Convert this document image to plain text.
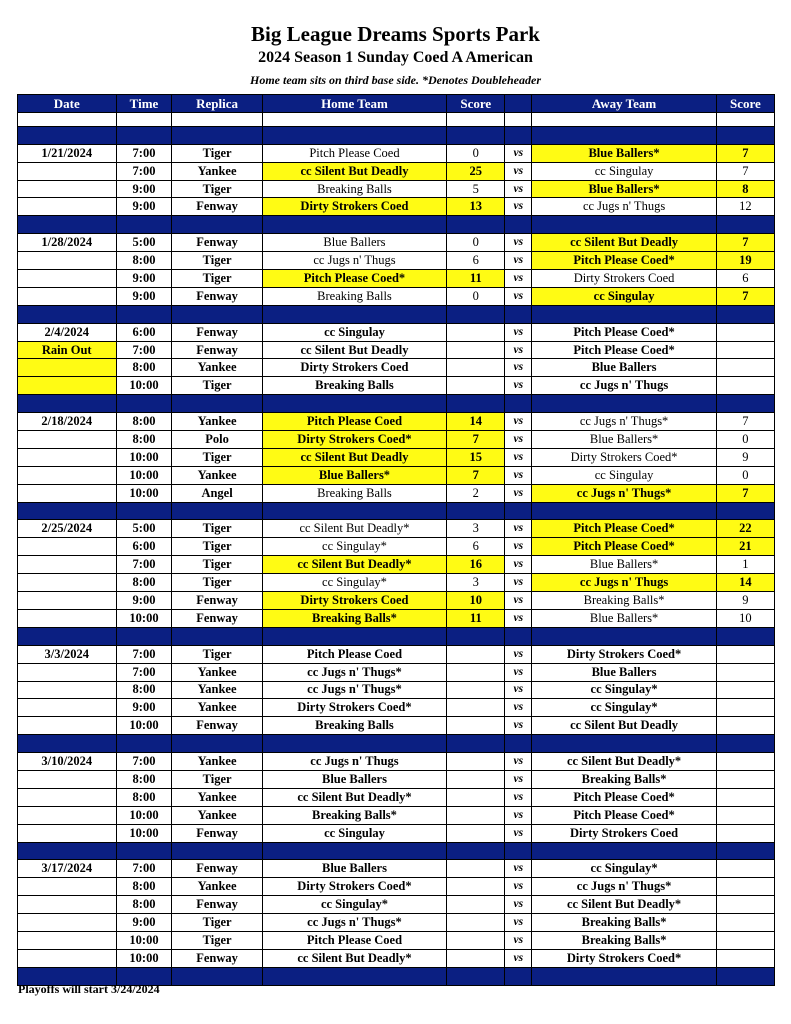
Big League Dreams Sports Park
2024 Season 1 Sunday Coed A American
Home team sits on third base side. *Denotes Doubleheader
Date	Time	Replica	Home Team	Score		Away Team	Score

1/21/2024	7:00	Tiger	Pitch Please Coed	0	vs	Blue Ballers*	7
	7:00	Yankee	cc Silent But Deadly	25	vs	cc Singulay	7
	9:00	Tiger	Breaking Balls	5	vs	Blue Ballers*	8
	9:00	Fenway	Dirty Strokers Coed	13	vs	cc Jugs n' Thugs	12

1/28/2024	5:00	Fenway	Blue Ballers	0	vs	cc Silent But Deadly	7
	8:00	Tiger	cc Jugs n' Thugs	6	vs	Pitch Please Coed*	19
	9:00	Tiger	Pitch Please Coed*	11	vs	Dirty Strokers Coed	6
	9:00	Fenway	Breaking Balls	0	vs	cc Singulay	7

2/4/2024	6:00	Fenway	cc Singulay		vs	Pitch Please Coed*	
Rain Out	7:00	Fenway	cc Silent But Deadly		vs	Pitch Please Coed*	
	8:00	Yankee	Dirty Strokers Coed		vs	Blue Ballers	
	10:00	Tiger	Breaking Balls		vs	cc Jugs n' Thugs	

2/18/2024	8:00	Yankee	Pitch Please Coed	14	vs	cc Jugs n' Thugs*	7
	8:00	Polo	Dirty Strokers Coed*	7	vs	Blue Ballers*	0
	10:00	Tiger	cc Silent But Deadly	15	vs	Dirty Strokers Coed*	9
	10:00	Yankee	Blue Ballers*	7	vs	cc Singulay	0
	10:00	Angel	Breaking Balls	2	vs	cc Jugs n' Thugs*	7

2/25/2024	5:00	Tiger	cc Silent But Deadly*	3	vs	Pitch Please Coed*	22
	6:00	Tiger	cc Singulay*	6	vs	Pitch Please Coed*	21
	7:00	Tiger	cc Silent But Deadly*	16	vs	Blue Ballers*	1
	8:00	Tiger	cc Singulay*	3	vs	cc Jugs n' Thugs	14
	9:00	Fenway	Dirty Strokers Coed	10	vs	Breaking Balls*	9
	10:00	Fenway	Breaking Balls*	11	vs	Blue Ballers*	10

3/3/2024	7:00	Tiger	Pitch Please Coed		vs	Dirty Strokers Coed*	
	7:00	Yankee	cc Jugs n' Thugs*		vs	Blue Ballers	
	8:00	Yankee	cc Jugs n' Thugs*		vs	cc Singulay*	
	9:00	Yankee	Dirty Strokers Coed*		vs	cc Singulay*	
	10:00	Fenway	Breaking Balls		vs	cc Silent But Deadly	

3/10/2024	7:00	Yankee	cc Jugs n' Thugs		vs	cc Silent But Deadly*	
	8:00	Tiger	Blue Ballers		vs	Breaking Balls*	
	8:00	Yankee	cc Silent But Deadly*		vs	Pitch Please Coed*	
	10:00	Yankee	Breaking Balls*		vs	Pitch Please Coed*	
	10:00	Fenway	cc Singulay		vs	Dirty Strokers Coed	

3/17/2024	7:00	Fenway	Blue Ballers		vs	cc Singulay*	
	8:00	Yankee	Dirty Strokers Coed*		vs	cc Jugs n' Thugs*	
	8:00	Fenway	cc Singulay*		vs	cc Silent But Deadly*	
	9:00	Tiger	cc Jugs n' Thugs*		vs	Breaking Balls*	
	10:00	Tiger	Pitch Please Coed		vs	Breaking Balls*	
	10:00	Fenway	cc Silent But Deadly*		vs	Dirty Strokers Coed*	

Playoffs will start 3/24/2024
